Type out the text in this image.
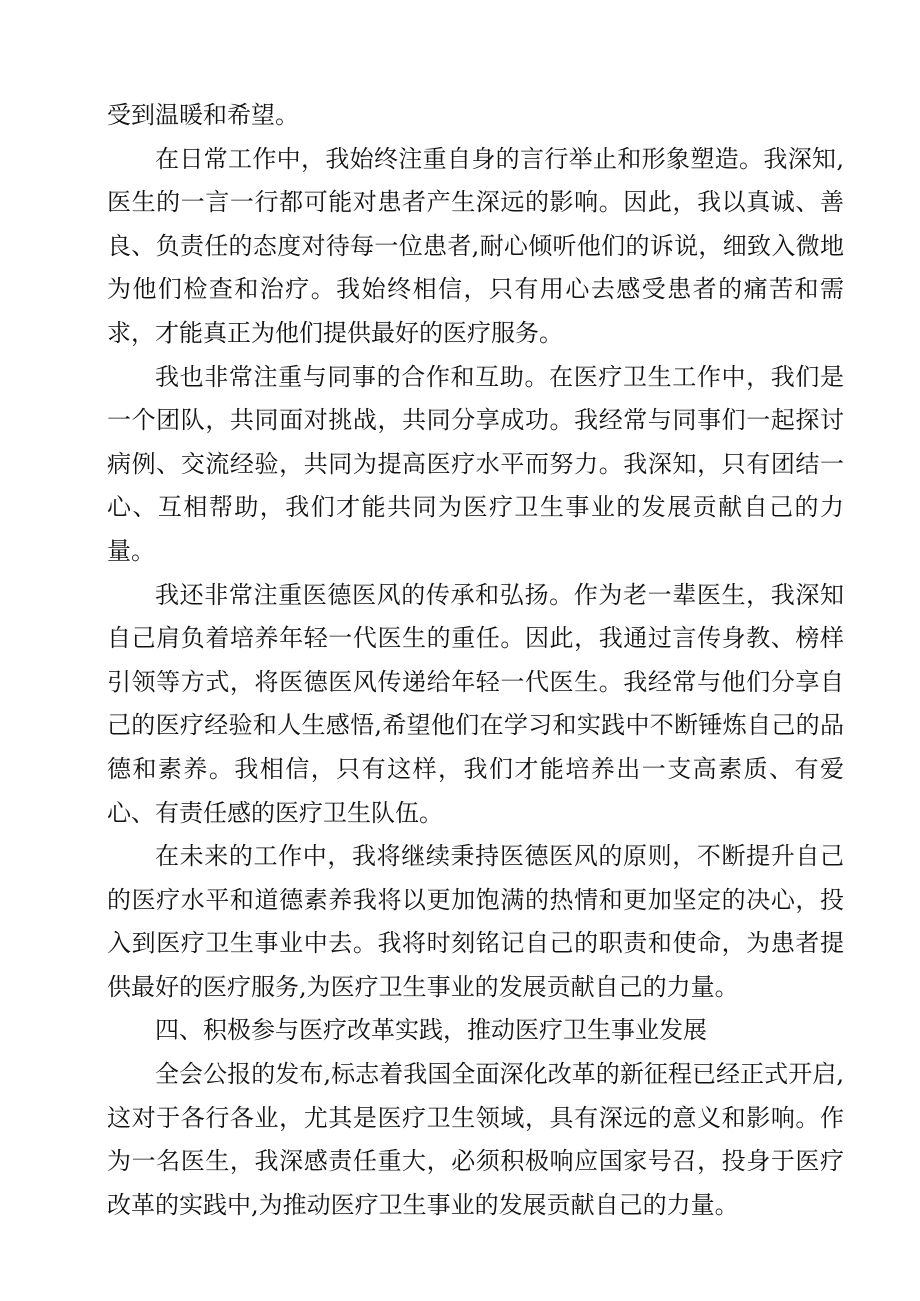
受到温暖和希望。

在日常工作中，我始终注重自身的言行举止和形象塑造。我深知,医生的一言一行都可能对患者产生深远的影响。因此，我以真诚、善良、负责任的态度对待每一位患者,耐心倾听他们的诉说，细致入微地为他们检查和治疗。我始终相信，只有用心去感受患者的痛苦和需求，才能真正为他们提供最好的医疗服务。

我也非常注重与同事的合作和互助。在医疗卫生工作中，我们是一个团队，共同面对挑战，共同分享成功。我经常与同事们一起探讨病例、交流经验，共同为提高医疗水平而努力。我深知，只有团结一心、互相帮助，我们才能共同为医疗卫生事业的发展贡献自己的力量。

我还非常注重医德医风的传承和弘扬。作为老一辈医生，我深知自己肩负着培养年轻一代医生的重任。因此，我通过言传身教、榜样引领等方式，将医德医风传递给年轻一代医生。我经常与他们分享自己的医疗经验和人生感悟,希望他们在学习和实践中不断锤炼自己的品德和素养。我相信，只有这样，我们才能培养出一支高素质、有爱心、有责任感的医疗卫生队伍。

在未来的工作中，我将继续秉持医德医风的原则，不断提升自己的医疗水平和道德素养我将以更加饱满的热情和更加坚定的决心，投入到医疗卫生事业中去。我将时刻铭记自己的职责和使命，为患者提供最好的医疗服务,为医疗卫生事业的发展贡献自己的力量。

四、积极参与医疗改革实践，推动医疗卫生事业发展

全会公报的发布,标志着我国全面深化改革的新征程已经正式开启,这对于各行各业，尤其是医疗卫生领域，具有深远的意义和影响。作为一名医生，我深感责任重大，必须积极响应国家号召，投身于医疗改革的实践中,为推动医疗卫生事业的发展贡献自己的力量。
